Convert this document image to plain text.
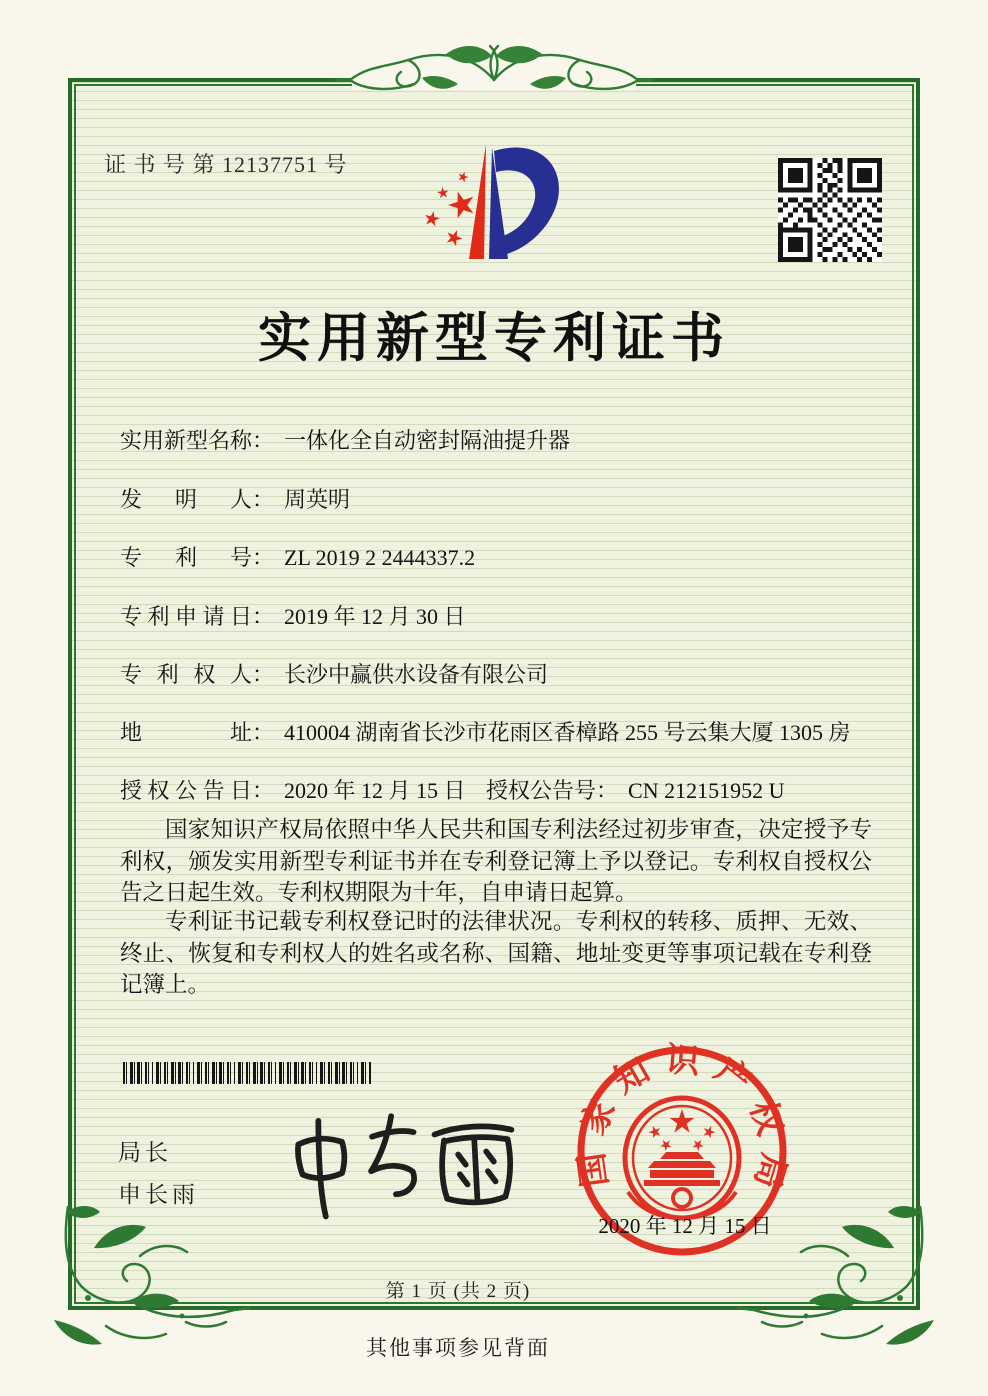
证 书 号 第 12137751 号
实用新型专利证书
实用新型名称： 一体化全自动密封隔油提升器
发明人： 周英明
专利号： ZL 2019 2 2444337.2
专利申请日： 2019 年 12 月 30 日
专利权人： 长沙中赢供水设备有限公司
地址： 410004 湖南省长沙市花雨区香樟路 255 号云集大厦 1305 房
授权公告日： 2020 年 12 月 15 日 授权公告号： CN 212151952 U
国家知识产权局依照中华人民共和国专利法经过初步审查，决定授予专利权，颁发实用新型专利证书并在专利登记簿上予以登记。专利权自授权公告之日起生效。专利权期限为十年，自申请日起算。
专利证书记载专利权登记时的法律状况。专利权的转移、质押、无效、终止、恢复和专利权人的姓名或名称、国籍、地址变更等事项记载在专利登记簿上。
局长
申长雨
国家知识产权局
2020 年 12 月 15 日
第 1 页 (共 2 页)
其他事项参见背面
